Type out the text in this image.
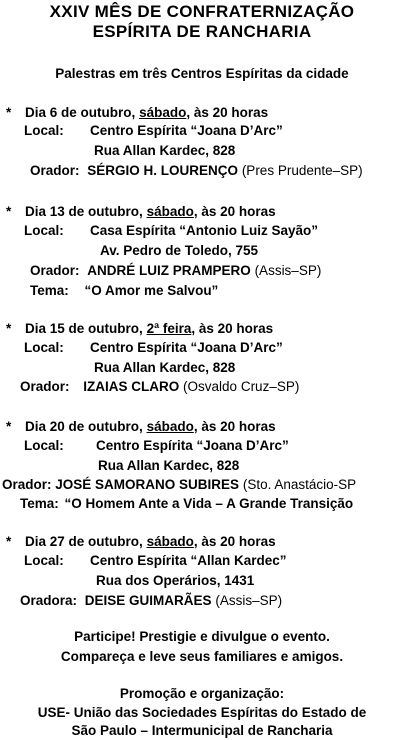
XXIV MÊS DE CONFRATERNIZAÇÃO
ESPÍRITA DE RANCHARIA
Palestras em três Centros Espíritas da cidade
* Dia 6 de outubro, sábado, às 20 horas
Local: Centro Espírita “Joana D’Arc”
Rua Allan Kardec, 828
Orador: SÉRGIO H. LOURENÇO (Pres Prudente–SP)
* Dia 13 de outubro, sábado, às 20 horas
Local: Casa Espírita “Antonio Luiz Sayão”
Av. Pedro de Toledo, 755
Orador: ANDRÉ LUIZ PRAMPERO (Assis–SP)
Tema: “O Amor me Salvou”
* Dia 15 de outubro, 2ª feira, às 20 horas
Local: Centro Espírita “Joana D’Arc”
Rua Allan Kardec, 828
Orador: IZAIAS CLARO (Osvaldo Cruz–SP)
* Dia 20 de outubro, sábado, às 20 horas
Local: Centro Espírita “Joana D’Arc”
Rua Allan Kardec, 828
Orador: JOSÉ SAMORANO SUBIRES (Sto. Anastácio-SP
Tema: “O Homem Ante a Vida – A Grande Transição
* Dia 27 de outubro, sábado, às 20 horas
Local: Centro Espírita “Allan Kardec”
Rua dos Operários, 1431
Oradora: DEISE GUIMARÃES (Assis–SP)
Participe! Prestigie e divulgue o evento.
Compareça e leve seus familiares e amigos.
Promoção e organização:
USE- União das Sociedades Espíritas do Estado de
São Paulo – Intermunicipal de Rancharia
